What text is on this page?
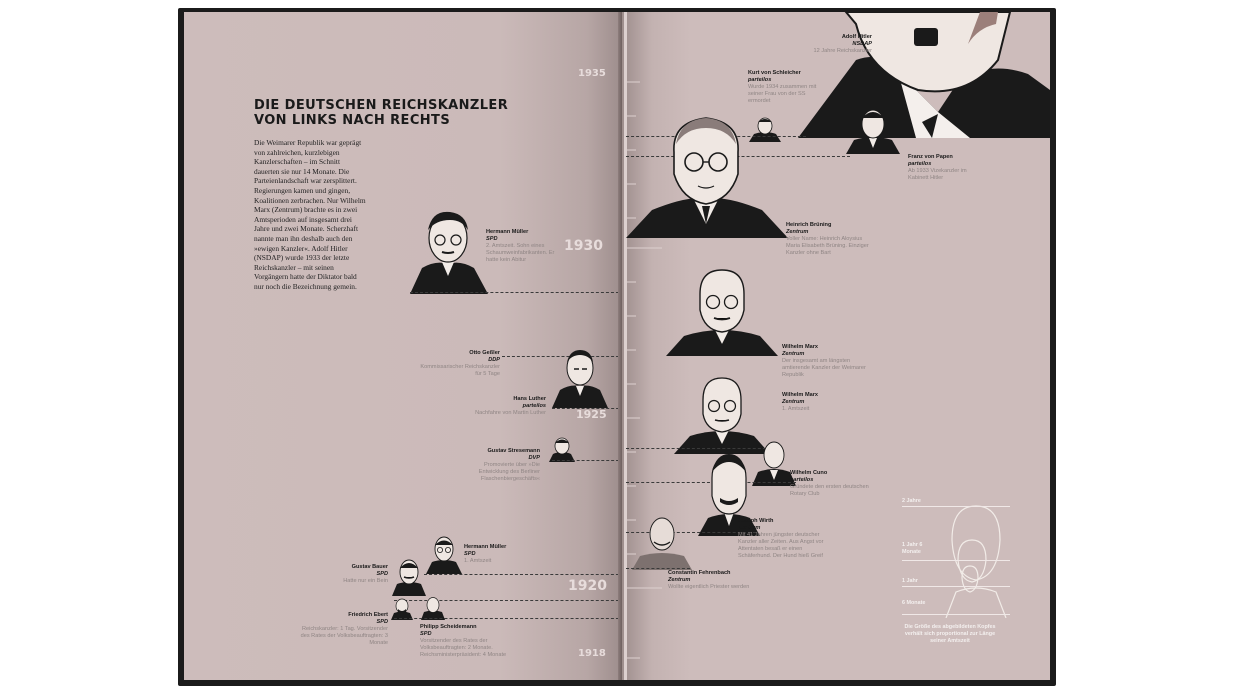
DIE DEUTSCHEN REICHSKANZLER
VON LINKS NACH RECHTS

Die Weimarer Republik war geprägt von zahlreichen, kurzlebigen Kanzlerschaften – im Schnitt dauerten sie nur 14 Monate. Die Parteienlandschaft war zersplittert. Regierungen kamen und gingen, Koalitionen zerbrachen. Nur Wilhelm Marx (Zentrum) brachte es in zwei Amtsperioden auf insgesamt drei Jahre und zwei Monate. Scherzhaft nannte man ihn deshalb auch den »ewigen Kanzler«. Adolf Hitler (NSDAP) wurde 1933 der letzte Reichskanzler – mit seinen Vorgängern hatte der Diktator bald nur noch die Bezeichnung gemein.

Hermann Müller
SPD
2. Amtszeit. Sohn eines Schaumweinfabrikanten. Er hatte kein Abitur
Otto Geßler
DDP
Kommissarischer Reichskanzler für 5 Tage
Hans Luther
parteilos
Nachfahre von Martin Luther
Gustav Stresemann
DVP
Promovierte über »Die Entwicklung des Berliner Flaschenbiergeschäfts«
Hermann Müller
SPD
1. Amtszeit
Gustav Bauer
SPD
Hatte nur ein Bein
Friedrich Ebert
SPD
Reichskanzler: 1 Tag. Vorsitzender des Rates der Volksbeauftragten: 3 Monate
Philipp Scheidemann
SPD
Vorsitzender des Rates der Volksbeauftragten: 2 Monate. Reichsministerpräsident: 4 Monate
1935
1930
1925
1920
1918
Adolf Hitler
NSDAP
12 Jahre Reichskanzler
Kurt von Schleicher
parteilos
Wurde 1934 zusammen mit seiner Frau von der SS ermordet
Franz von Papen
parteilos
Ab 1933 Vizekanzler im Kabinett Hitler
Heinrich Brüning
Zentrum
Voller Name: Heinrich Aloysius Maria Elisabeth Brüning. Einziger Kanzler ohne Bart
Wilhelm Marx
Zentrum
Der insgesamt am längsten amtierende Kanzler der Weimarer Republik
Wilhelm Marx
Zentrum
1. Amtszeit
Wilhelm Cuno
parteilos
Gründete den ersten deutschen Rotary Club
Joseph Wirth
Zentrum
Mit 41 Jahren jüngster deutscher Kanzler aller Zeiten. Aus Angst vor Attentaten besaß er einen Schäferhund. Der Hund hieß Greif
Constantin Fehrenbach
Zentrum
Wollte eigentlich Priester werden
2 Jahre
1 Jahr 6 Monate
1 Jahr
6 Monate
Die Größe des abgebildeten Kopfes verhält sich proportional zur Länge seiner Amtszeit
